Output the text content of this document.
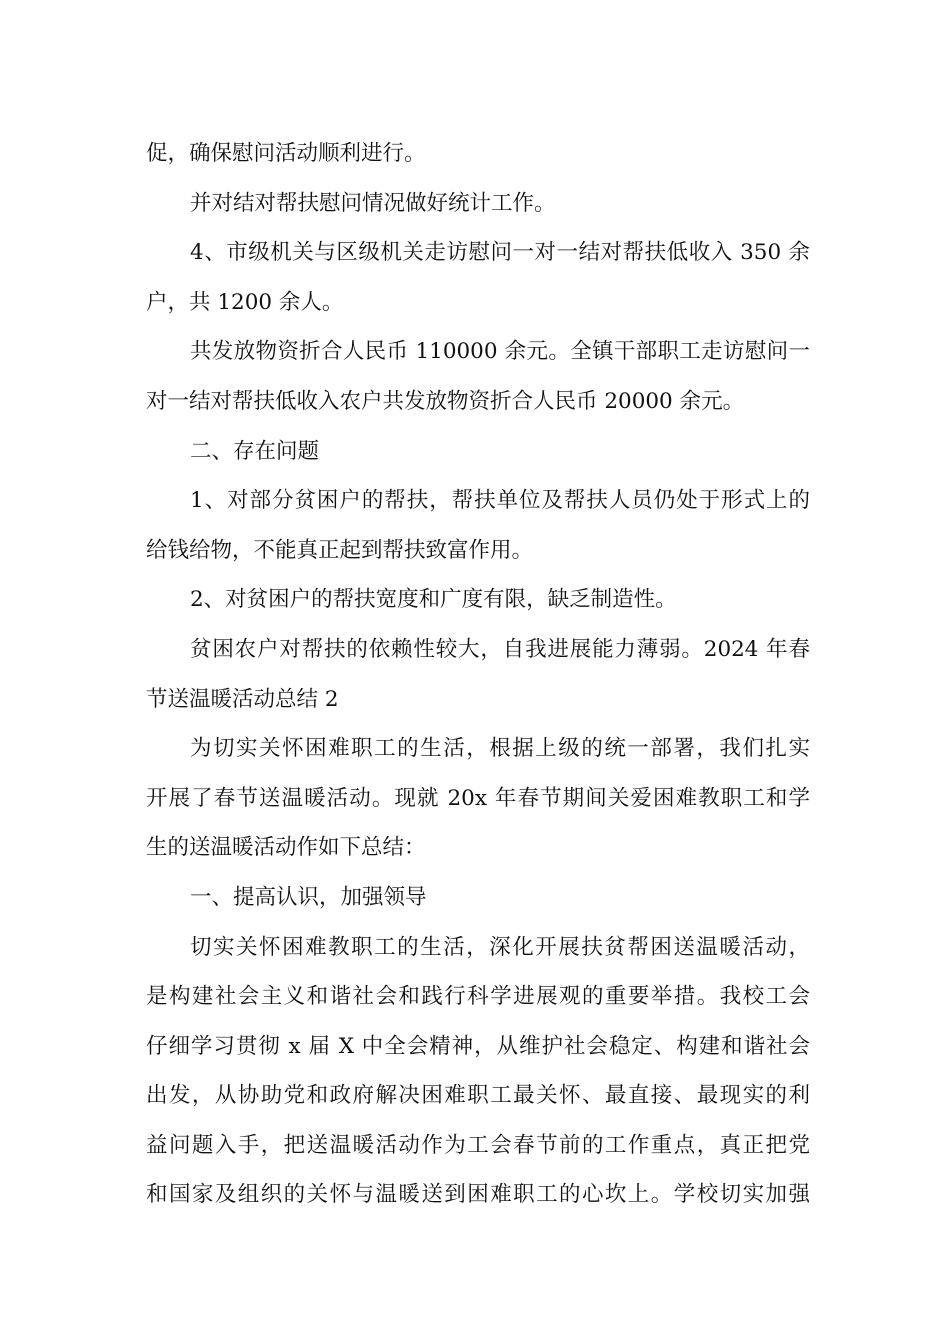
促，确保慰问活动顺利进行。
并对结对帮扶慰问情况做好统计工作。
4、市级机关与区级机关走访慰问一对一结对帮扶低收入 350 余
户，共 1200 余人。
共发放物资折合人民币 110000 余元。全镇干部职工走访慰问一
对一结对帮扶低收入农户共发放物资折合人民币 20000 余元。
二、存在问题
1、对部分贫困户的帮扶，帮扶单位及帮扶人员仍处于形式上的
给钱给物，不能真正起到帮扶致富作用。
2、对贫困户的帮扶宽度和广度有限，缺乏制造性。
贫困农户对帮扶的依赖性较大，自我进展能力薄弱。2024 年春
节送温暖活动总结 2
为切实关怀困难职工的生活，根据上级的统一部署，我们扎实
开展了春节送温暖活动。现就 20x 年春节期间关爱困难教职工和学
生的送温暖活动作如下总结：
一、提高认识，加强领导
切实关怀困难教职工的生活，深化开展扶贫帮困送温暖活动，
是构建社会主义和谐社会和践行科学进展观的重要举措。我校工会
仔细学习贯彻 x 届 X 中全会精神，从维护社会稳定、构建和谐社会
出发，从协助党和政府解决困难职工最关怀、最直接、最现实的利
益问题入手，把送温暖活动作为工会春节前的工作重点，真正把党
和国家及组织的关怀与温暖送到困难职工的心坎上。学校切实加强
